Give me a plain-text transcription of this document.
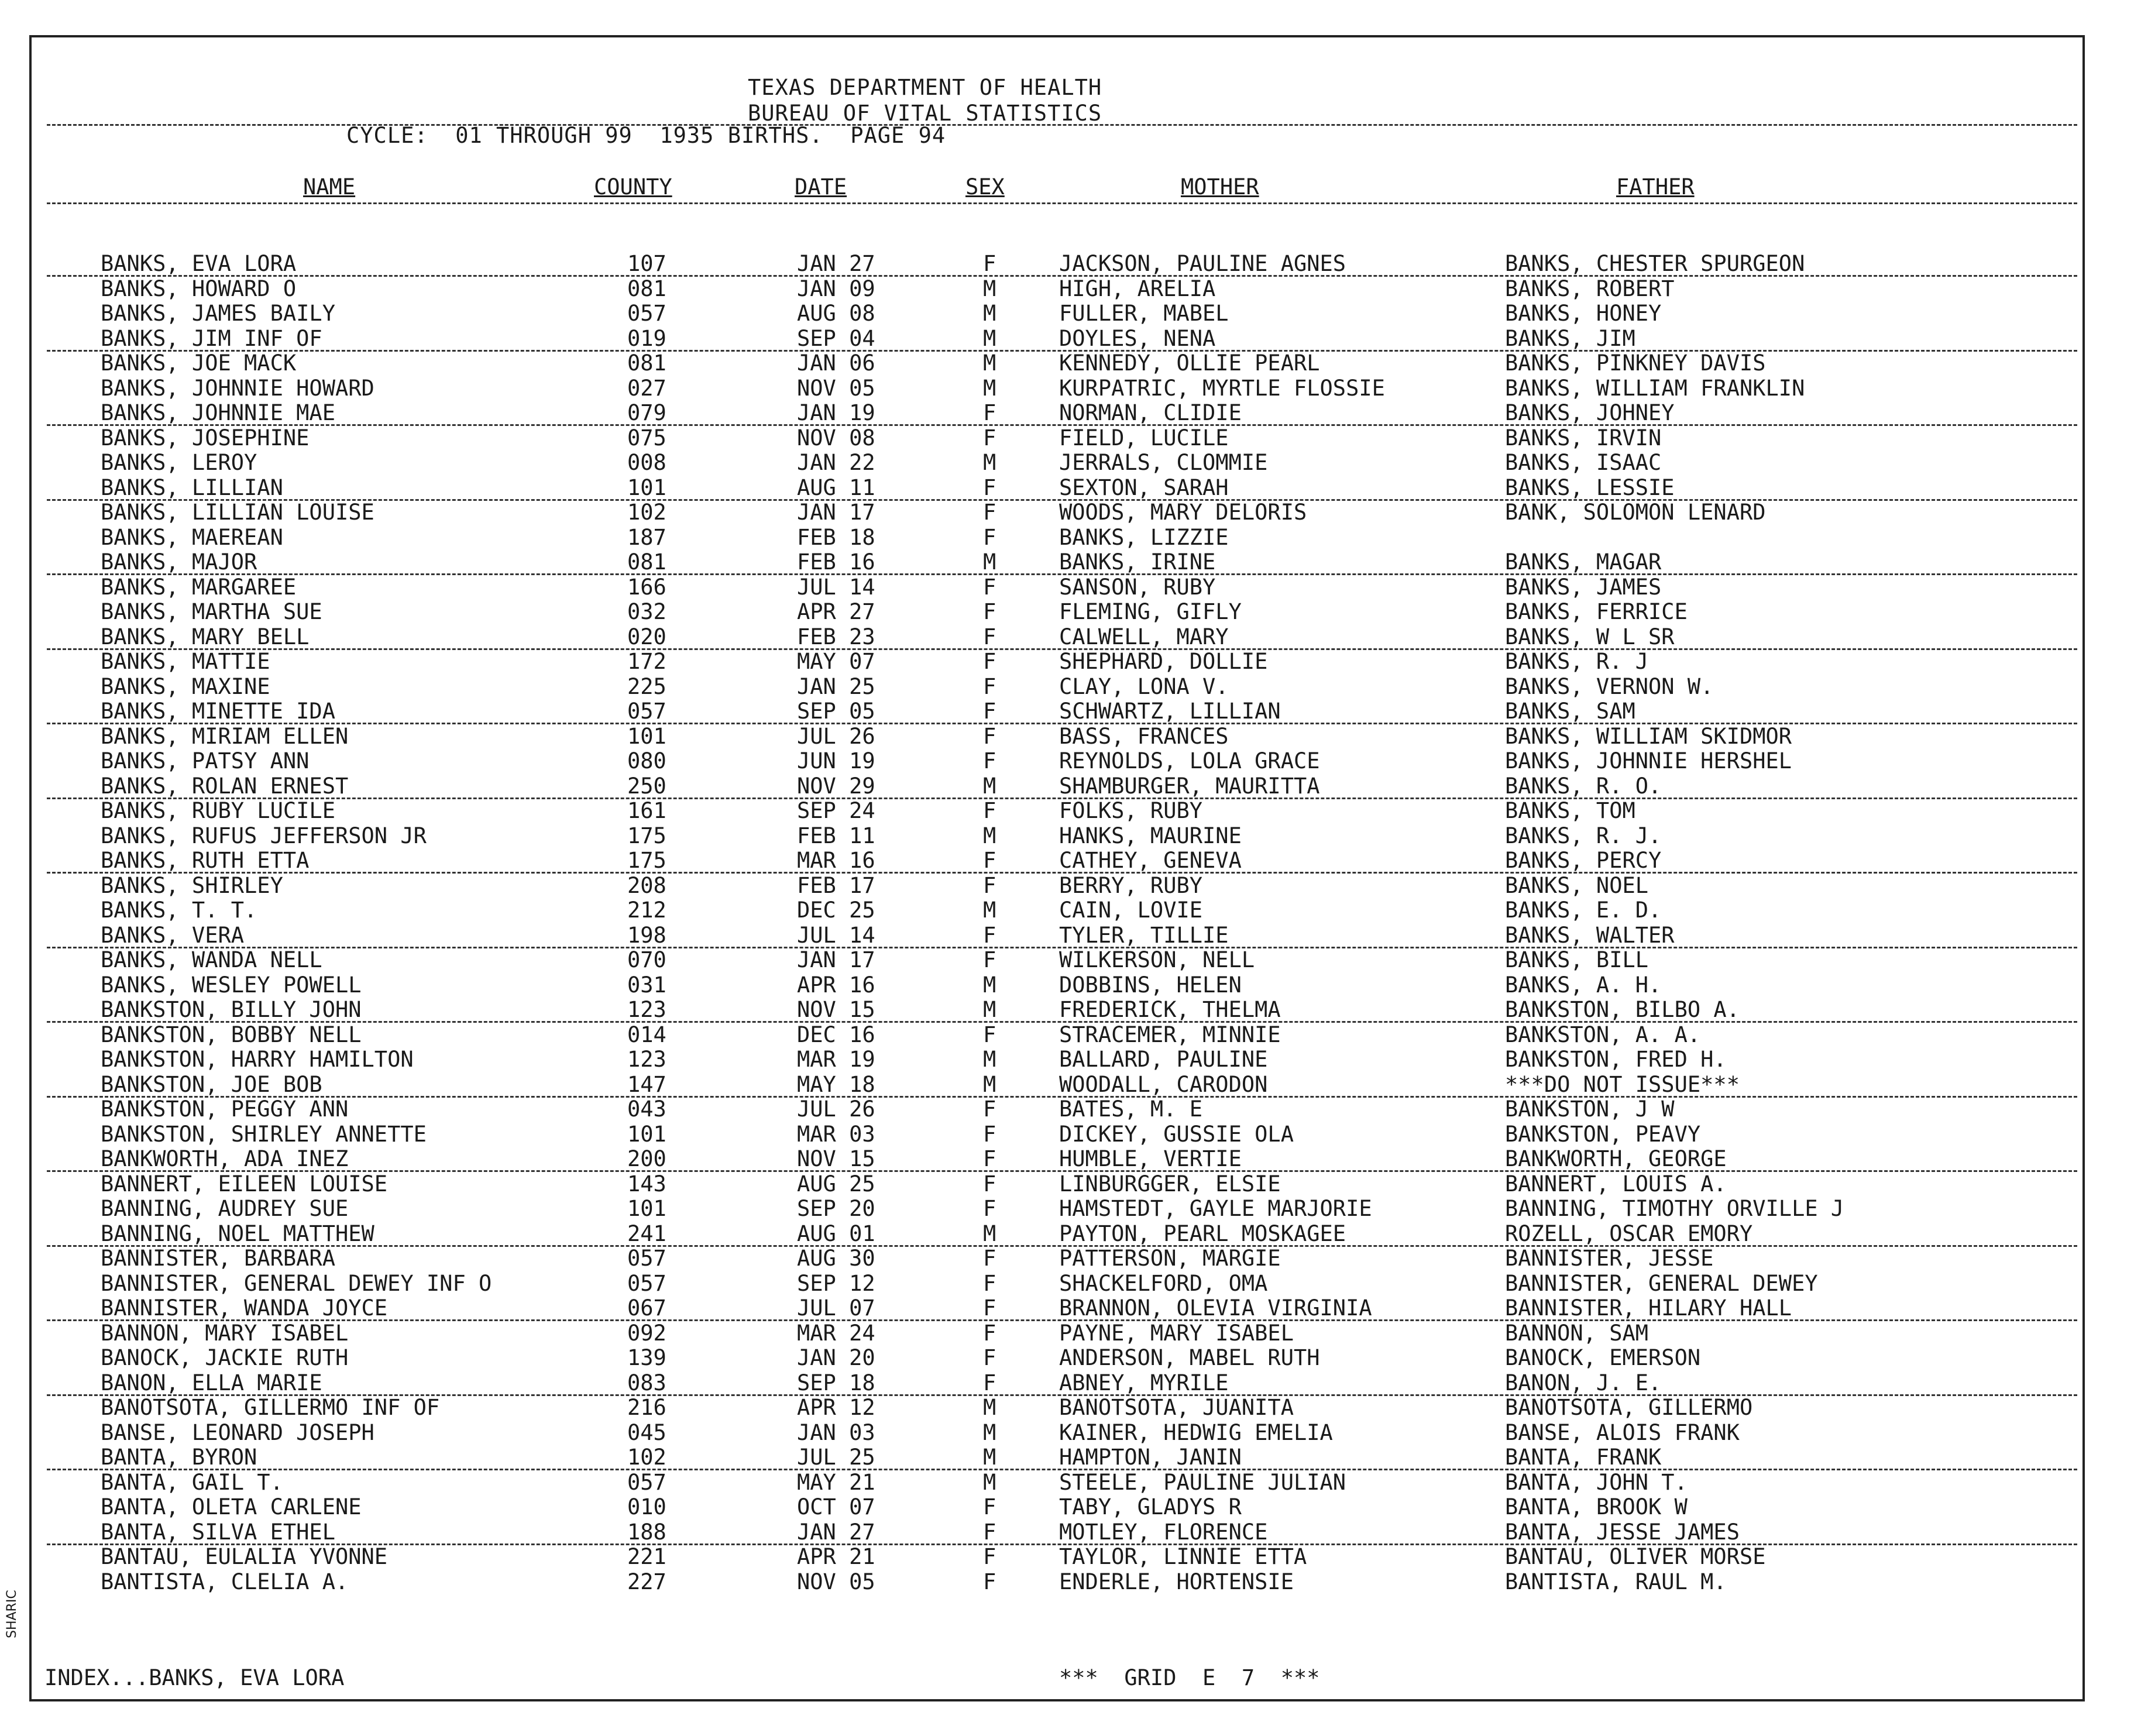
TEXAS DEPARTMENT OF HEALTH
BUREAU OF VITAL STATISTICS
CYCLE:  01 THROUGH 99  1935 BIRTHS.  PAGE 94
NAME	COUNTY	DATE	SEX	MOTHER	FATHER
BANKS, EVA LORA	107	JAN 27	F	JACKSON, PAULINE AGNES	BANKS, CHESTER SPURGEON
BANKS, HOWARD O	081	JAN 09	M	HIGH, ARELIA	BANKS, ROBERT
BANKS, JAMES BAILY	057	AUG 08	M	FULLER, MABEL	BANKS, HONEY
BANKS, JIM INF OF	019	SEP 04	M	DOYLES, NENA	BANKS, JIM
BANKS, JOE MACK	081	JAN 06	M	KENNEDY, OLLIE PEARL	BANKS, PINKNEY DAVIS
BANKS, JOHNNIE HOWARD	027	NOV 05	M	KURPATRIC, MYRTLE FLOSSIE	BANKS, WILLIAM FRANKLIN
BANKS, JOHNNIE MAE	079	JAN 19	F	NORMAN, CLIDIE	BANKS, JOHNEY
BANKS, JOSEPHINE	075	NOV 08	F	FIELD, LUCILE	BANKS, IRVIN
BANKS, LEROY	008	JAN 22	M	JERRALS, CLOMMIE	BANKS, ISAAC
BANKS, LILLIAN	101	AUG 11	F	SEXTON, SARAH	BANKS, LESSIE
BANKS, LILLIAN LOUISE	102	JAN 17	F	WOODS, MARY DELORIS	BANK, SOLOMON LENARD
BANKS, MAEREAN	187	FEB 18	F	BANKS, LIZZIE
BANKS, MAJOR	081	FEB 16	M	BANKS, IRINE	BANKS, MAGAR
BANKS, MARGAREE	166	JUL 14	F	SANSON, RUBY	BANKS, JAMES
BANKS, MARTHA SUE	032	APR 27	F	FLEMING, GIFLY	BANKS, FERRICE
BANKS, MARY BELL	020	FEB 23	F	CALWELL, MARY	BANKS, W L SR
BANKS, MATTIE	172	MAY 07	F	SHEPHARD, DOLLIE	BANKS, R. J
BANKS, MAXINE	225	JAN 25	F	CLAY, LONA V.	BANKS, VERNON W.
BANKS, MINETTE IDA	057	SEP 05	F	SCHWARTZ, LILLIAN	BANKS, SAM
BANKS, MIRIAM ELLEN	101	JUL 26	F	BASS, FRANCES	BANKS, WILLIAM SKIDMOR
BANKS, PATSY ANN	080	JUN 19	F	REYNOLDS, LOLA GRACE	BANKS, JOHNNIE HERSHEL
BANKS, ROLAN ERNEST	250	NOV 29	M	SHAMBURGER, MAURITTA	BANKS, R. O.
BANKS, RUBY LUCILE	161	SEP 24	F	FOLKS, RUBY	BANKS, TOM
BANKS, RUFUS JEFFERSON JR	175	FEB 11	M	HANKS, MAURINE	BANKS, R. J.
BANKS, RUTH ETTA	175	MAR 16	F	CATHEY, GENEVA	BANKS, PERCY
BANKS, SHIRLEY	208	FEB 17	F	BERRY, RUBY	BANKS, NOEL
BANKS, T. T.	212	DEC 25	M	CAIN, LOVIE	BANKS, E. D.
BANKS, VERA	198	JUL 14	F	TYLER, TILLIE	BANKS, WALTER
BANKS, WANDA NELL	070	JAN 17	F	WILKERSON, NELL	BANKS, BILL
BANKS, WESLEY POWELL	031	APR 16	M	DOBBINS, HELEN	BANKS, A. H.
BANKSTON, BILLY JOHN	123	NOV 15	M	FREDERICK, THELMA	BANKSTON, BILBO A.
BANKSTON, BOBBY NELL	014	DEC 16	F	STRACEMER, MINNIE	BANKSTON, A. A.
BANKSTON, HARRY HAMILTON	123	MAR 19	M	BALLARD, PAULINE	BANKSTON, FRED H.
BANKSTON, JOE BOB	147	MAY 18	M	WOODALL, CARODON	***DO NOT ISSUE***
BANKSTON, PEGGY ANN	043	JUL 26	F	BATES, M. E	BANKSTON, J W
BANKSTON, SHIRLEY ANNETTE	101	MAR 03	F	DICKEY, GUSSIE OLA	BANKSTON, PEAVY
BANKWORTH, ADA INEZ	200	NOV 15	F	HUMBLE, VERTIE	BANKWORTH, GEORGE
BANNERT, EILEEN LOUISE	143	AUG 25	F	LINBURGGER, ELSIE	BANNERT, LOUIS A.
BANNING, AUDREY SUE	101	SEP 20	F	HAMSTEDT, GAYLE MARJORIE	BANNING, TIMOTHY ORVILLE J
BANNING, NOEL MATTHEW	241	AUG 01	M	PAYTON, PEARL MOSKAGEE	ROZELL, OSCAR EMORY
BANNISTER, BARBARA	057	AUG 30	F	PATTERSON, MARGIE	BANNISTER, JESSE
BANNISTER, GENERAL DEWEY INF O	057	SEP 12	F	SHACKELFORD, OMA	BANNISTER, GENERAL DEWEY
BANNISTER, WANDA JOYCE	067	JUL 07	F	BRANNON, OLEVIA VIRGINIA	BANNISTER, HILARY HALL
BANNON, MARY ISABEL	092	MAR 24	F	PAYNE, MARY ISABEL	BANNON, SAM
BANOCK, JACKIE RUTH	139	JAN 20	F	ANDERSON, MABEL RUTH	BANOCK, EMERSON
BANON, ELLA MARIE	083	SEP 18	F	ABNEY, MYRILE	BANON, J. E.
BANOTSOTA, GILLERMO INF OF	216	APR 12	M	BANOTSOTA, JUANITA	BANOTSOTA, GILLERMO
BANSE, LEONARD JOSEPH	045	JAN 03	M	KAINER, HEDWIG EMELIA	BANSE, ALOIS FRANK
BANTA, BYRON	102	JUL 25	M	HAMPTON, JANIN	BANTA, FRANK
BANTA, GAIL T.	057	MAY 21	M	STEELE, PAULINE JULIAN	BANTA, JOHN T.
BANTA, OLETA CARLENE	010	OCT 07	F	TABY, GLADYS R	BANTA, BROOK W
BANTA, SILVA ETHEL	188	JAN 27	F	MOTLEY, FLORENCE	BANTA, JESSE JAMES
BANTAU, EULALIA YVONNE	221	APR 21	F	TAYLOR, LINNIE ETTA	BANTAU, OLIVER MORSE
BANTISTA, CLELIA A.	227	NOV 05	F	ENDERLE, HORTENSIE	BANTISTA, RAUL M.
INDEX...BANKS, EVA LORA	***  GRID  E  7  ***
SHARIC
